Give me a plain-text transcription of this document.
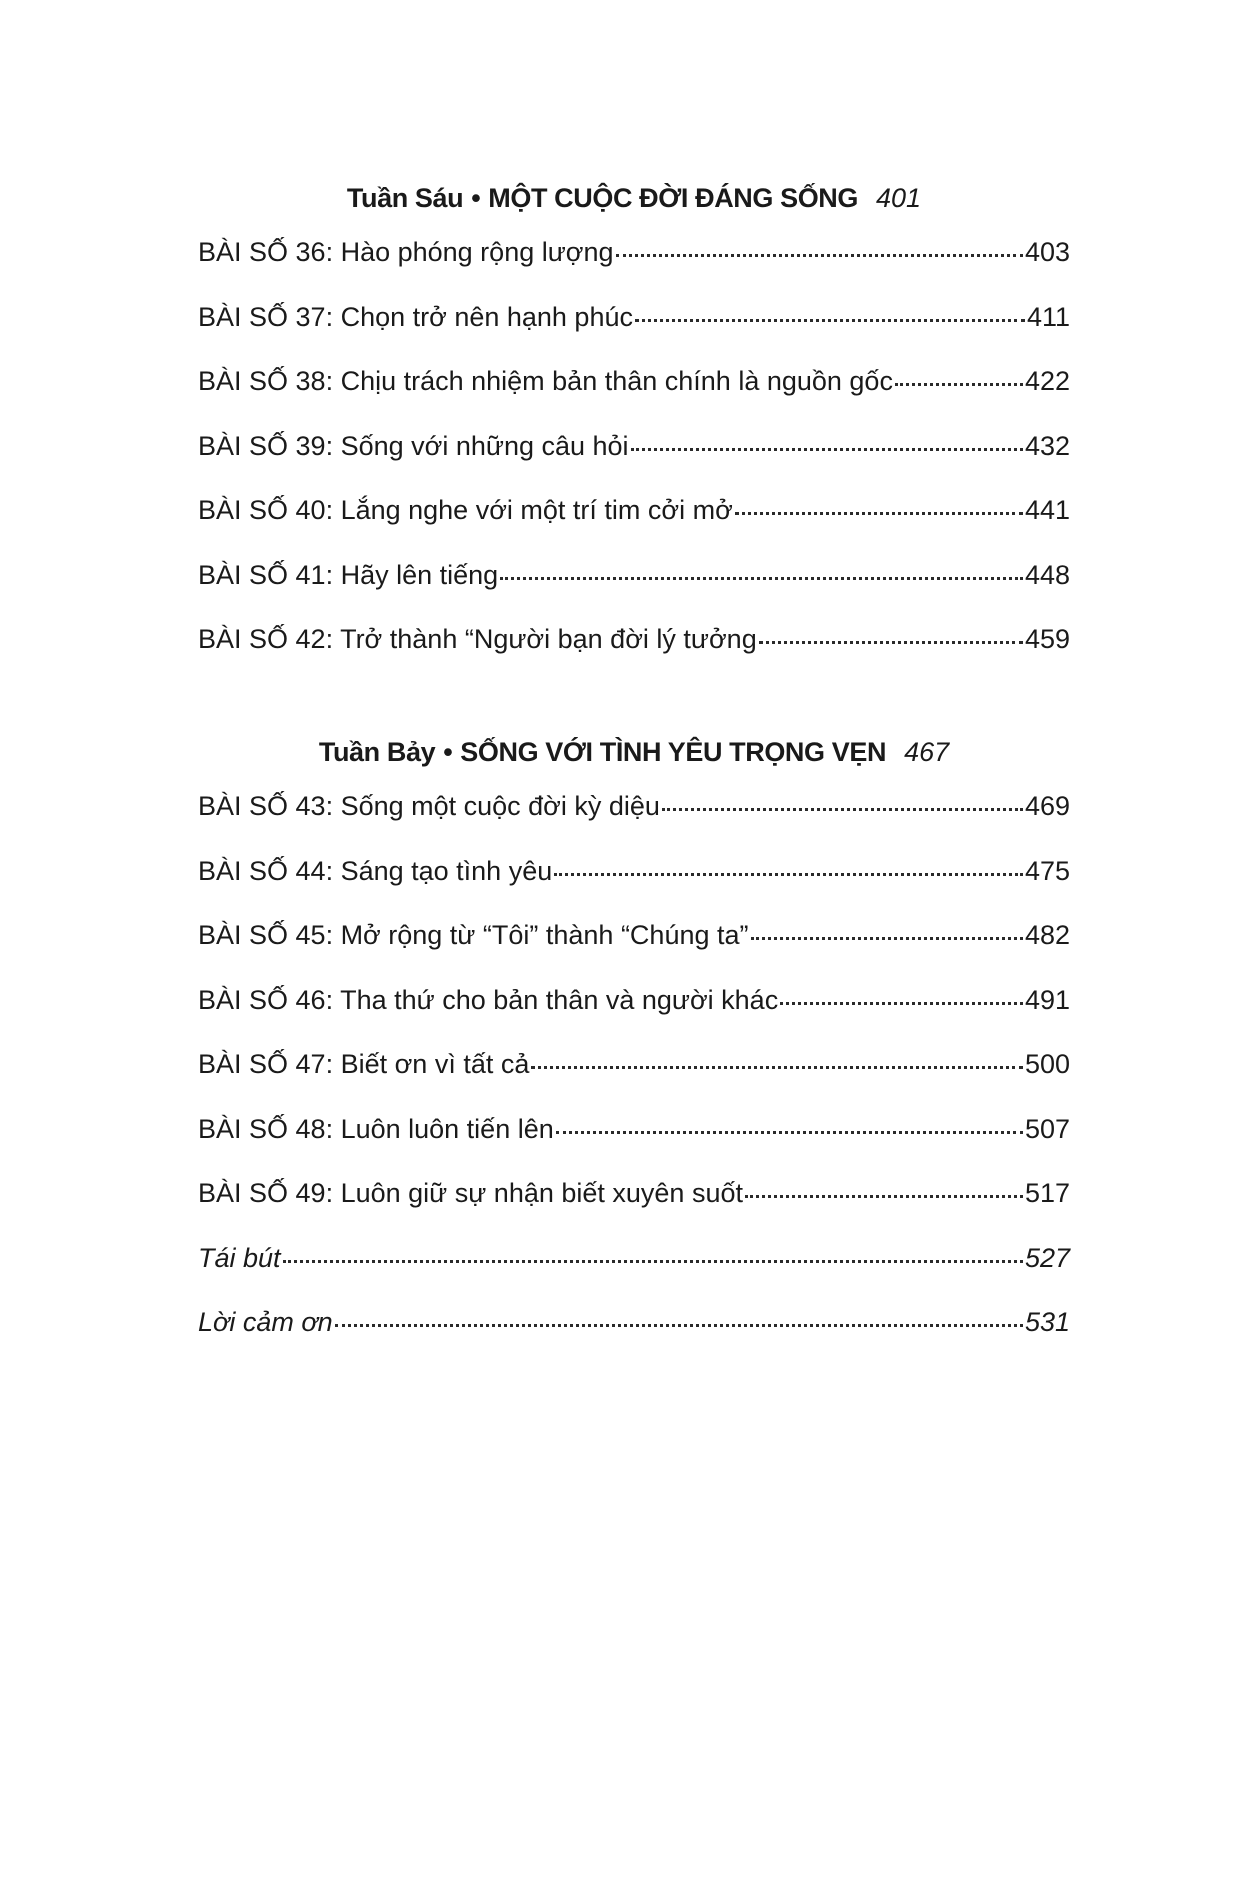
Tuần Sáu • MỘT CUỘC ĐỜI ĐÁNG SỐNG 401
BÀI SỐ 36: Hào phóng rộng lượng	403
BÀI SỐ 37: Chọn trở nên hạnh phúc	411
BÀI SỐ 38: Chịu trách nhiệm bản thân chính là nguồn gốc	422
BÀI SỐ 39: Sống với những câu hỏi	432
BÀI SỐ 40: Lắng nghe với một trí tim cởi mở	441
BÀI SỐ 41: Hãy lên tiếng	448
BÀI SỐ 42: Trở thành “Người bạn đời lý tưởng	459
Tuần Bảy • SỐNG VỚI TÌNH YÊU TRỌNG VẸN 467
BÀI SỐ 43: Sống một cuộc đời kỳ diệu	469
BÀI SỐ 44: Sáng tạo tình yêu	475
BÀI SỐ 45: Mở rộng từ “Tôi” thành “Chúng ta”	482
BÀI SỐ 46: Tha thứ cho bản thân và người khác	491
BÀI SỐ 47: Biết ơn vì tất cả	500
BÀI SỐ 48: Luôn luôn tiến lên	507
BÀI SỐ 49: Luôn giữ sự nhận biết xuyên suốt	517
Tái bút	527
Lời cảm ơn	531
